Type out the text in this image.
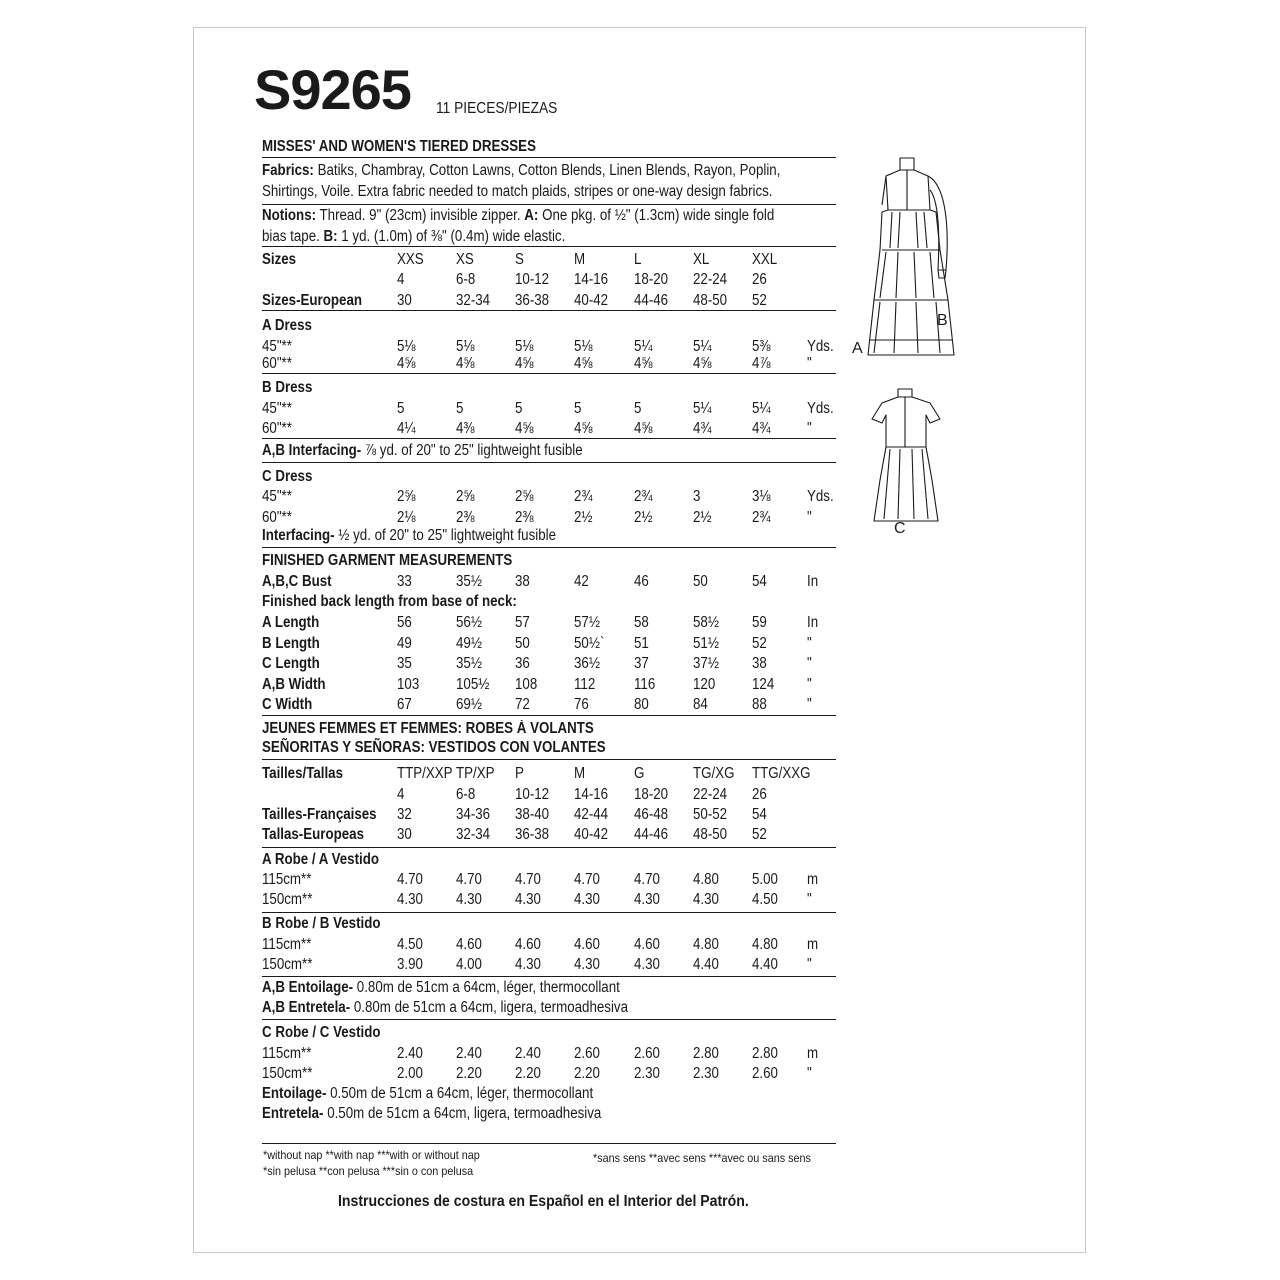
S9265 11 PIECES/PIEZAS
MISSES' AND WOMEN'S TIERED DRESSES
Fabrics: Batiks, Chambray, Cotton Lawns, Cotton Blends, Linen Blends, Rayon, Poplin,
Shirtings, Voile. Extra fabric needed to match plaids, stripes or one-way design fabrics.
Notions: Thread. 9" (23cm) invisible zipper. A: One pkg. of ½" (1.3cm) wide single fold
bias tape. B: 1 yd. (1.0m) of ⅜" (0.4m) wide elastic.
Sizes	XXS XS	S	M	L	XL	XXL
4	6-8	10-12 14-16 18-20 22-24 26
Sizes-European 30	32-34 36-38 40-42 44-46 48-50 52
A Dress
45"**	5⅛	5⅛	5⅛	5⅛	5¼	5¼	5⅜ Yds.
60"**	4⅝	4⅝	4⅝	4⅝	4⅝	4⅝	4⅞ "
B Dress
45"**	5	5	5	5	5	5¼	5¼ Yds.
60"**	4¼	4⅜	4⅝	4⅝	4⅝	4¾	4¾ "
C Dress
45"**	2⅝	2⅝	2⅝	2¾	2¾	3	3⅛ Yds.
60"**	2⅛	2⅜	2⅜	2½	2½	2½	2¾ "
A,B,C Bust	33	35½ 38	42	46	50	54	In
A Length	56	56½ 57	57½ 58	58½ 59	In
B Length	49	49½ 50	50½` 51	51½ 52	"
C Length	35	35½ 36	36½ 37	37½ 38	"
A,B Width	103 105½ 108 112 116 120 124 "
C Width	67	69½ 72	76	80	84	88	"
A,B Interfacing- ⅞ yd. of 20" to 25" lightweight fusible
Interfacing- ½ yd. of 20" to 25" lightweight fusible
FINISHED GARMENT MEASUREMENTS
Finished back length from base of neck:
JEUNES FEMMES ET FEMMES: ROBES À VOLANTS
SEÑORITAS Y SEÑORAS: VESTIDOS CON VOLANTES
Tailles/Tallas	TTP/XXP TP/XP P	M	G	TG/XG TTG/XXG
4	6-8	10-12 14-16 18-20 22-24 26
Tailles-Françaises 32	34-36 38-40 42-44 46-48 50-52 54
Tallas-Europeas 30	32-34 36-38 40-42 44-46 48-50 52
A Robe / A Vestido
115cm**	4.70 4.70 4.70 4.70 4.70 4.80 5.00 m
150cm**	4.30 4.30 4.30 4.30 4.30 4.30 4.50 "
B Robe / B Vestido
115cm**	4.50 4.60 4.60 4.60 4.60 4.80 4.80 m
150cm**	3.90 4.00 4.30 4.30 4.30 4.40 4.40 "
C Robe / C Vestido
115cm**	2.40 2.40 2.40 2.60 2.60 2.80 2.80 m
150cm**	2.00 2.20 2.20 2.20 2.30 2.30 2.60 "
A,B Entoilage- 0.80m de 51cm a 64cm, léger, thermocollant
A,B Entretela- 0.80m de 51cm a 64cm, ligera, termoadhesiva
Entoilage- 0.50m de 51cm a 64cm, léger, thermocollant
Entretela- 0.50m de 51cm a 64cm, ligera, termoadhesiva
*without nap **with nap ***with or without nap
*sin pelusa **con pelusa ***sin o con pelusa
*sans sens **avec sens ***avec ou sans sens
Instrucciones de costura en Español en el Interior del Patrón.
A
B
C
